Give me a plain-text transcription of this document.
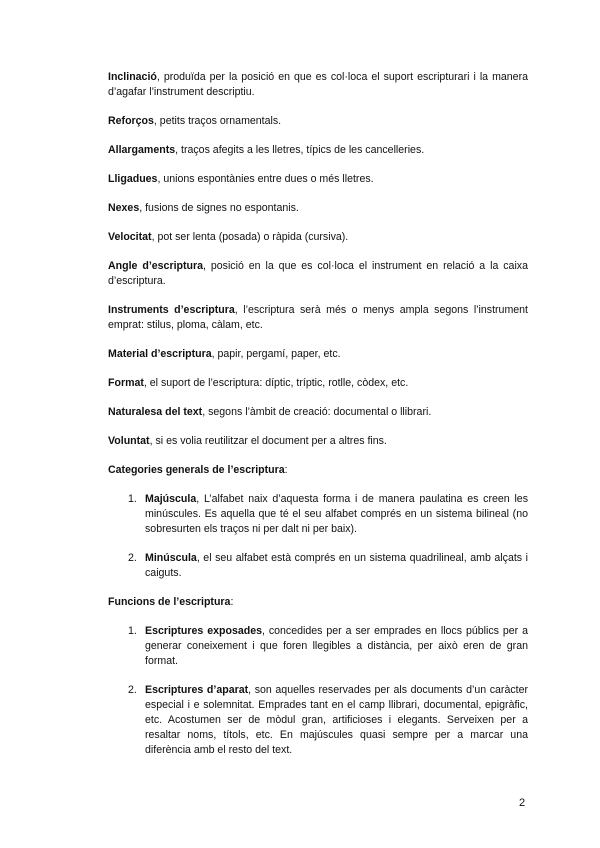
Inclinació, produïda per la posició en que es col·loca el suport escripturari i la manera d’agafar l’instrument descriptiu.

Reforços, petits traços ornamentals.

Allargaments, traços afegits a les lletres, típics de les cancelleries.

Lligadues, unions espontànies entre dues o més lletres.

Nexes, fusions de signes no espontanis.

Velocitat, pot ser lenta (posada) o ràpida (cursiva).

Angle d’escriptura, posició en la que es col·loca el instrument en relació a la caixa d’escriptura.

Instruments d’escriptura, l’escriptura serà més o menys ampla segons l’instrument emprat: stilus, ploma, càlam, etc.

Material d’escriptura, papir, pergamí, paper, etc.

Format, el suport de l’escriptura: díptic, tríptic, rotlle, còdex, etc.

Naturalesa del text, segons l’àmbit de creació: documental o llibrari.

Voluntat, si es volia reutilitzar el document per a altres fins.

Categories generals de l’escriptura:

1. Majúscula, L’alfabet naix d’aquesta forma i de manera paulatina es creen les minúscules. Es aquella que té el seu alfabet comprés en un sistema bilineal (no sobresurten els traços ni per dalt ni per baix).
2. Minúscula, el seu alfabet està comprés en un sistema quadrilineal, amb alçats i caiguts.

Funcions de l’escriptura:

1. Escriptures exposades, concedides per a ser emprades en llocs públics per a generar coneixement i que foren llegibles a distància, per això eren de gran format.
2. Escriptures d’aparat, son aquelles reservades per als documents d’un caràcter especial i e solemnitat. Emprades tant en el camp llibrari, documental, epigràfic, etc. Acostumen ser de mòdul gran, artificioses i elegants. Serveixen per a resaltar noms, títols, etc. En majúscules quasi sempre per a marcar una diferència amb el resto del text.
2
